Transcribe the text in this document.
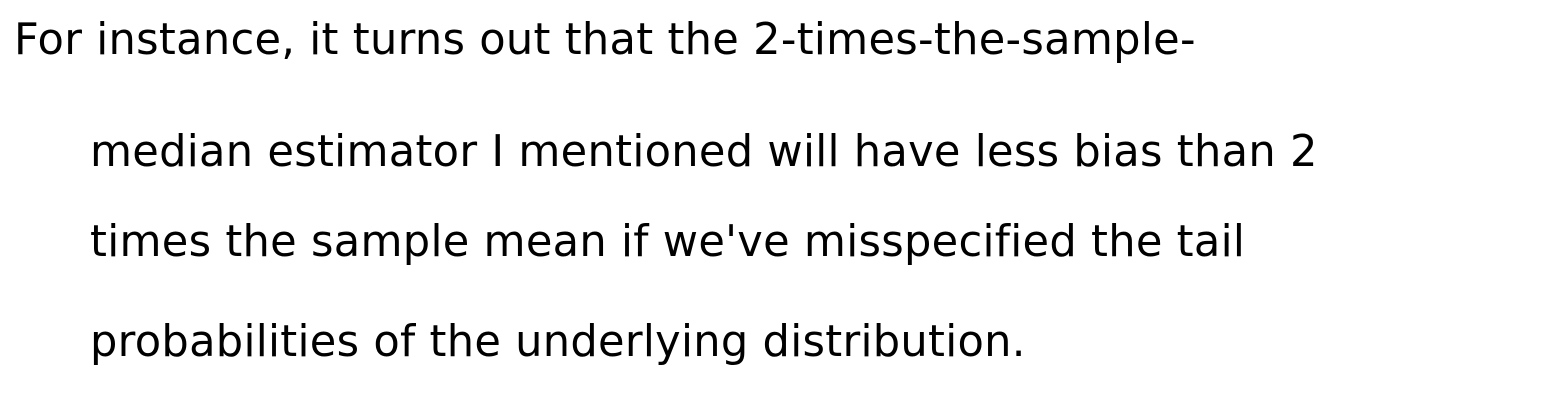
For instance, it turns out that the 2-times-the-sample-
median estimator I mentioned will have less bias than 2
times the sample mean if we've misspecified the tail
probabilities of the underlying distribution.
